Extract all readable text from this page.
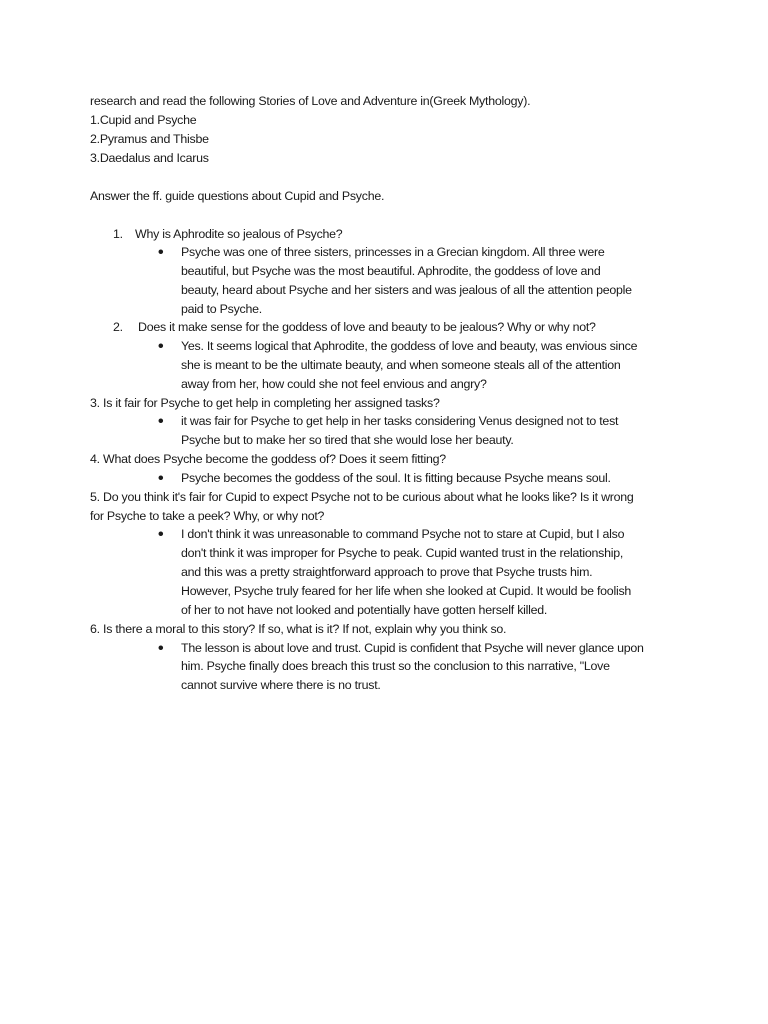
research and read the following Stories of Love and Adventure in(Greek Mythology).
1.Cupid and Psyche
2.Pyramus and Thisbe
3.Daedalus and Icarus
Answer the ff. guide questions about Cupid and Psyche.
1. Why is Aphrodite so jealous of Psyche?
•
Psyche was one of three sisters, princesses in a Grecian kingdom. All three were
beautiful, but Psyche was the most beautiful. Aphrodite, the goddess of love and
beauty, heard about Psyche and her sisters and was jealous of all the attention people
paid to Psyche.
2. Does it make sense for the goddess of love and beauty to be jealous? Why or why not?
•
Yes. It seems logical that Aphrodite, the goddess of love and beauty, was envious since
she is meant to be the ultimate beauty, and when someone steals all of the attention
away from her, how could she not feel envious and angry?
3. Is it fair for Psyche to get help in completing her assigned tasks?
•
it was fair for Psyche to get help in her tasks considering Venus designed not to test
Psyche but to make her so tired that she would lose her beauty.
4. What does Psyche become the goddess of? Does it seem fitting?
•
Psyche becomes the goddess of the soul. It is fitting because Psyche means soul.
5. Do you think it's fair for Cupid to expect Psyche not to be curious about what he looks like? Is it wrong
for Psyche to take a peek? Why, or why not?
•
I don't think it was unreasonable to command Psyche not to stare at Cupid, but I also
don't think it was improper for Psyche to peak. Cupid wanted trust in the relationship,
and this was a pretty straightforward approach to prove that Psyche trusts him.
However, Psyche truly feared for her life when she looked at Cupid. It would be foolish
of her to not have not looked and potentially have gotten herself killed.
6. Is there a moral to this story? If so, what is it? If not, explain why you think so.
•
The lesson is about love and trust. Cupid is confident that Psyche will never glance upon
him. Psyche finally does breach this trust so the conclusion to this narrative, "Love
cannot survive where there is no trust.
